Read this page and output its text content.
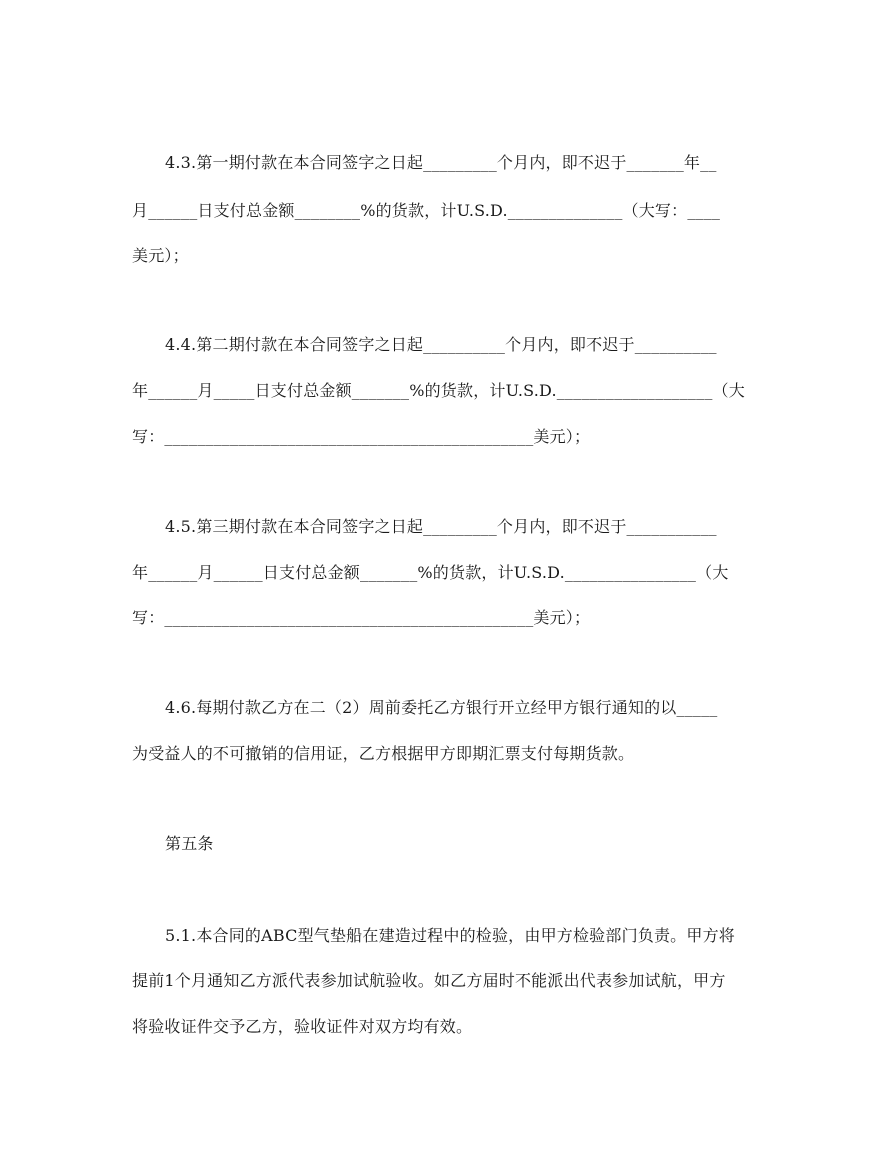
4.3.第一期付款在本合同签字之日起_________个月内，即不迟于_______年__
月______日支付总金额________%的货款，计U.S.D.______________（大写：____
美元）；
4.4.第二期付款在本合同签字之日起__________个月内，即不迟于__________
年______月_____日支付总金额_______%的货款，计U.S.D.___________________（大
写：_____________________________________________美元）；
4.5.第三期付款在本合同签字之日起_________个月内，即不迟于___________
年______月______日支付总金额_______%的货款，计U.S.D.________________（大
写：_____________________________________________美元）；
4.6.每期付款乙方在二（2）周前委托乙方银行开立经甲方银行通知的以_____
为受益人的不可撤销的信用证，乙方根据甲方即期汇票支付每期货款。
第五条
5.1.本合同的ABC型气垫船在建造过程中的检验，由甲方检验部门负责。甲方将
提前1个月通知乙方派代表参加试航验收。如乙方届时不能派出代表参加试航，甲方
将验收证件交予乙方，验收证件对双方均有效。
